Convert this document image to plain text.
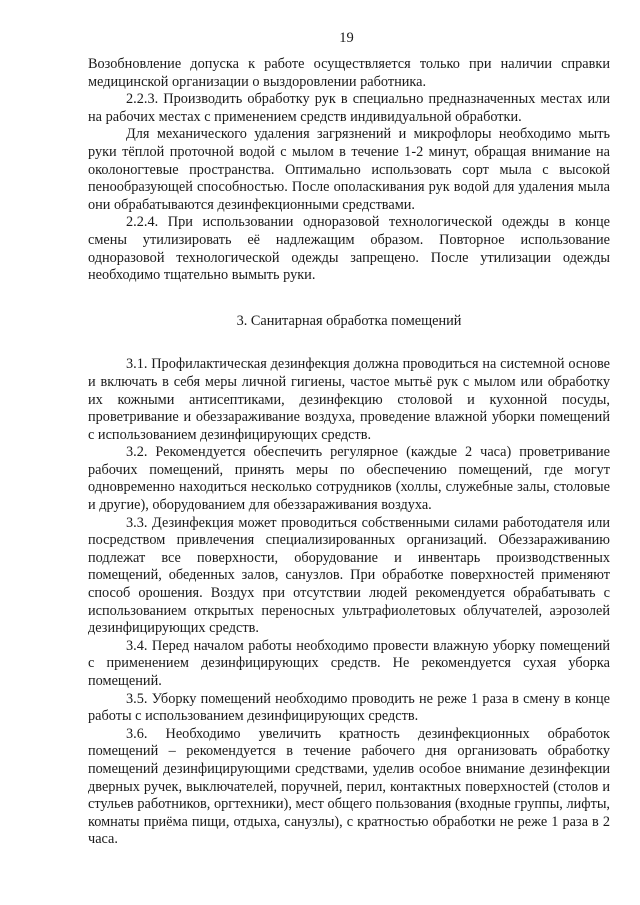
19

Возобновление допуска к работе осуществляется только при наличии справки медицинской организации о выздоровлении работника.

2.2.3. Производить обработку рук в специально предназначенных местах или на рабочих местах с применением средств индивидуальной обработки.

Для механического удаления загрязнений и микрофлоры необходимо мыть руки тёплой проточной водой с мылом в течение 1-2 минут, обращая внимание на околоногтевые пространства. Оптимально использовать сорт мыла с высокой пенообразующей способностью. После ополаскивания рук водой для удаления мыла они обрабатываются дезинфекционными средствами.

2.2.4. При использовании одноразовой технологической одежды в конце смены утилизировать её надлежащим образом. Повторное использование одноразовой технологической одежды запрещено. После утилизации одежды необходимо тщательно вымыть руки.

3. Санитарная обработка помещений

3.1. Профилактическая дезинфекция должна проводиться на системной основе и включать в себя меры личной гигиены, частое мытьё рук с мылом или обработку их кожными антисептиками, дезинфекцию столовой и кухонной посуды, проветривание и обеззараживание воздуха, проведение влажной уборки помещений с использованием дезинфицирующих средств.

3.2. Рекомендуется обеспечить регулярное (каждые 2 часа) проветривание рабочих помещений, принять меры по обеспечению помещений, где могут одновременно находиться несколько сотрудников (холлы, служебные залы, столовые и другие), оборудованием для обеззараживания воздуха.

3.3. Дезинфекция может проводиться собственными силами работодателя или посредством привлечения специализированных организаций. Обеззараживанию подлежат все поверхности, оборудование и инвентарь производственных помещений, обеденных залов, санузлов. При обработке поверхностей применяют способ орошения. Воздух при отсутствии людей рекомендуется обрабатывать с использованием открытых переносных ультрафиолетовых облучателей, аэрозолей дезинфицирующих средств.

3.4. Перед началом работы необходимо провести влажную уборку помещений с применением дезинфицирующих средств. Не рекомендуется сухая уборка помещений.

3.5. Уборку помещений необходимо проводить не реже 1 раза в смену в конце работы с использованием дезинфицирующих средств.

3.6. Необходимо увеличить кратность дезинфекционных обработок помещений – рекомендуется в течение рабочего дня организовать обработку помещений дезинфицирующими средствами, уделив особое внимание дезинфекции дверных ручек, выключателей, поручней, перил, контактных поверхностей (столов и стульев работников, оргтехники), мест общего пользования (входные группы, лифты, комнаты приёма пищи, отдыха, санузлы), с кратностью обработки не реже 1 раза в 2 часа.
